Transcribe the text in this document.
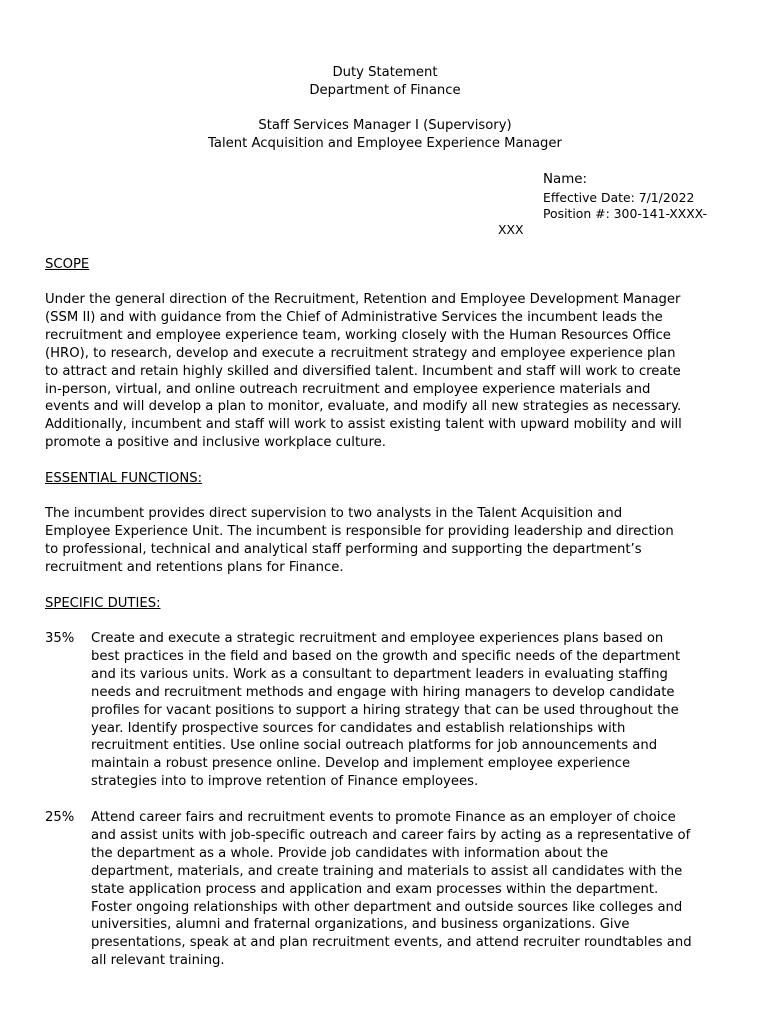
Duty Statement
Department of Finance
Staff Services Manager I (Supervisory)
Talent Acquisition and Employee Experience Manager
Name:
Effective Date: 7/1/2022
Position #: 300-141-XXXX-
XXX
SCOPE
Under the general direction of the Recruitment, Retention and Employee Development Manager
(SSM II) and with guidance from the Chief of Administrative Services the incumbent leads the
recruitment and employee experience team, working closely with the Human Resources Office
(HRO), to research, develop and execute a recruitment strategy and employee experience plan
to attract and retain highly skilled and diversified talent. Incumbent and staff will work to create
in-person, virtual, and online outreach recruitment and employee experience materials and
events and will develop a plan to monitor, evaluate, and modify all new strategies as necessary.
Additionally, incumbent and staff will work to assist existing talent with upward mobility and will
promote a positive and inclusive workplace culture.
ESSENTIAL FUNCTIONS:
The incumbent provides direct supervision to two analysts in the Talent Acquisition and
Employee Experience Unit. The incumbent is responsible for providing leadership and direction
to professional, technical and analytical staff performing and supporting the department’s
recruitment and retentions plans for Finance.
SPECIFIC DUTIES:
35% Create and execute a strategic recruitment and employee experiences plans based on
best practices in the field and based on the growth and specific needs of the department
and its various units. Work as a consultant to department leaders in evaluating staffing
needs and recruitment methods and engage with hiring managers to develop candidate
profiles for vacant positions to support a hiring strategy that can be used throughout the
year. Identify prospective sources for candidates and establish relationships with
recruitment entities. Use online social outreach platforms for job announcements and
maintain a robust presence online. Develop and implement employee experience
strategies into to improve retention of Finance employees.
25% Attend career fairs and recruitment events to promote Finance as an employer of choice
and assist units with job-specific outreach and career fairs by acting as a representative of
the department as a whole. Provide job candidates with information about the
department, materials, and create training and materials to assist all candidates with the
state application process and application and exam processes within the department.
Foster ongoing relationships with other department and outside sources like colleges and
universities, alumni and fraternal organizations, and business organizations. Give
presentations, speak at and plan recruitment events, and attend recruiter roundtables and
all relevant training.
